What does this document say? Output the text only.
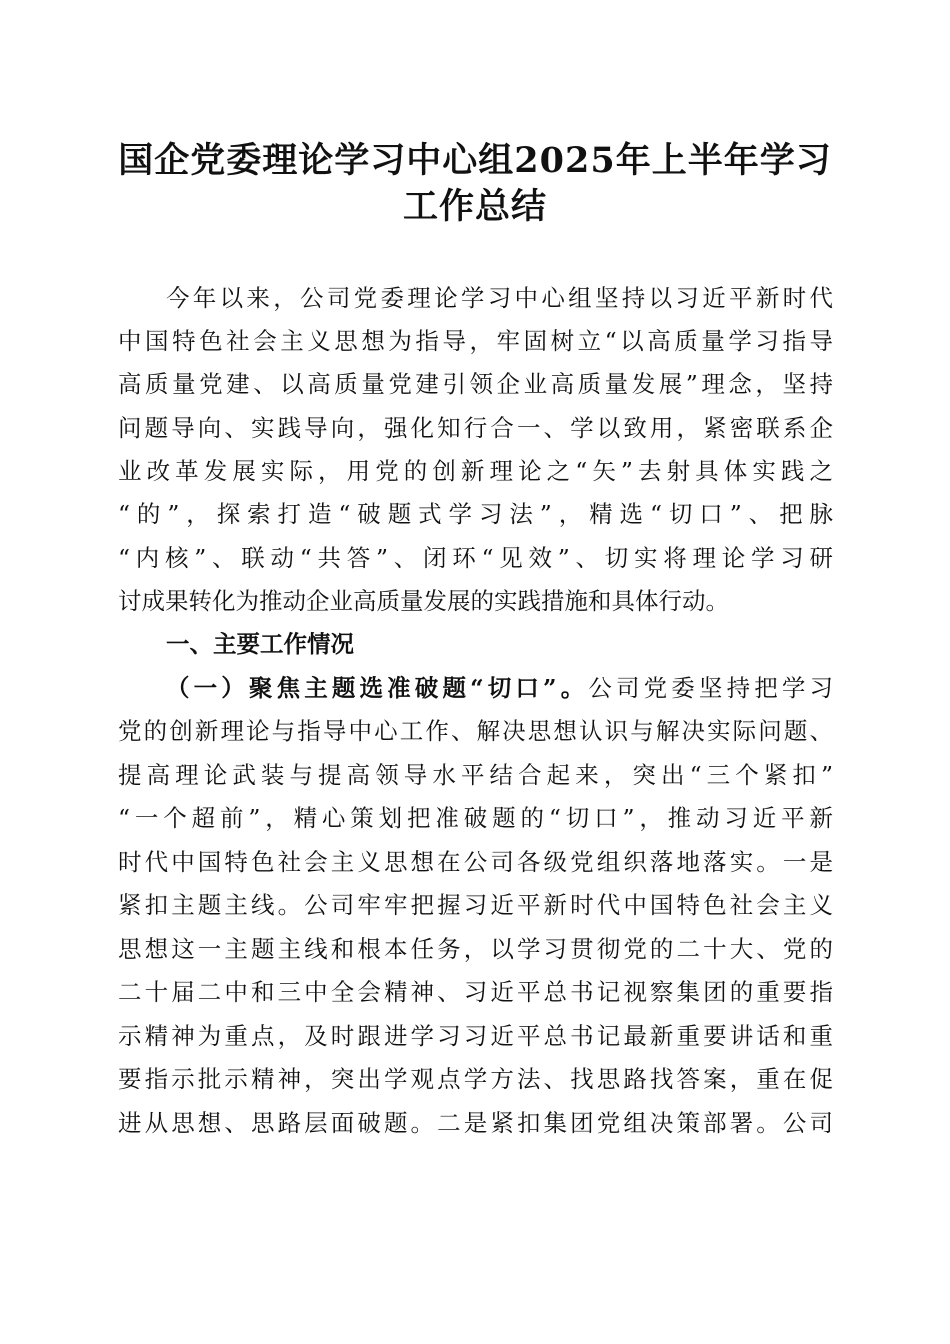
国企党委理论学习中心组2025年上半年学习
工作总结
今年以来，公司党委理论学习中心组坚持以习近平新时代
中国特色社会主义思想为指导，牢固树立“以高质量学习指导
高质量党建、以高质量党建引领企业高质量发展”理念，坚持
问题导向、实践导向，强化知行合一、学以致用，紧密联系企
业改革发展实际，用党的创新理论之“矢”去射具体实践之
“的”，探索打造“破题式学习法”，精选“切口”、把脉
“内核”、联动“共答”、闭环“见效”、切实将理论学习研
讨成果转化为推动企业高质量发展的实践措施和具体行动。
一、主要工作情况
（一）聚焦主题选准破题“切口”。公司党委坚持把学习
党的创新理论与指导中心工作、解决思想认识与解决实际问题、
提高理论武装与提高领导水平结合起来，突出“三个紧扣”
“一个超前”，精心策划把准破题的“切口”，推动习近平新
时代中国特色社会主义思想在公司各级党组织落地落实。一是
紧扣主题主线。公司牢牢把握习近平新时代中国特色社会主义
思想这一主题主线和根本任务，以学习贯彻党的二十大、党的
二十届二中和三中全会精神、习近平总书记视察集团的重要指
示精神为重点，及时跟进学习习近平总书记最新重要讲话和重
要指示批示精神，突出学观点学方法、找思路找答案，重在促
进从思想、思路层面破题。二是紧扣集团党组决策部署。公司
